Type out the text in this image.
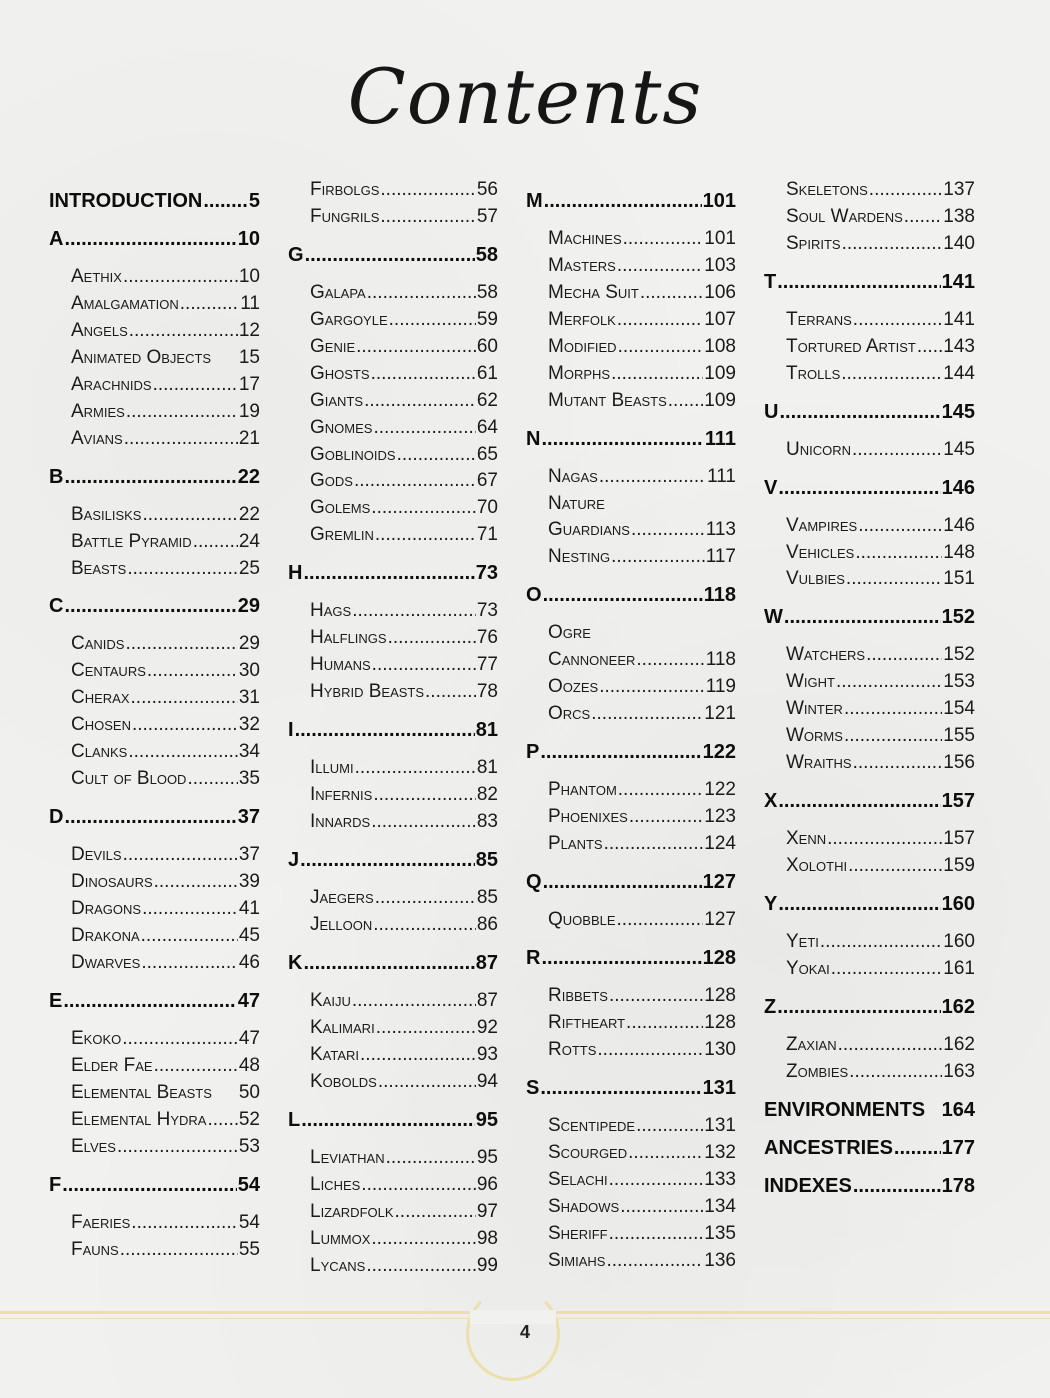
Contents
INTRODUCTION ..... 5
A .....	10
Aethix .....	10
Amalgamation .....	11
Angels .....	12
Animated Objects 15
Arachnids .....	17
Armies .....	19
Avians .....	21
B .....	22
Basilisks .....	22
Battle Pyramid ..... 24
Beasts .....	25
C .....	29
Canids .....	29
Centaurs .....	30
Cherax .....	31
Chosen .....	32
Clanks .....	34
Cult of Blood .....	35
D .....	37
Devils .....	37
Dinosaurs .....	39
Dragons .....	41
Drakona .....	45
Dwarves .....	46
E .....	47
Ekoko .....	47
Elder Fae .....	48
Elemental Beasts 50
Elemental Hydra ..... 52
Elves .....	53
F .....	54
Faeries .....	54
Fauns .....	55
Firbolgs .....	56
Fungrils .....	57
G .....	58
Galapa .....	58
Gargoyle .....	59
Genie .....	60
Ghosts .....	61
Giants .....	62
Gnomes .....	64
Goblinoids .....	65
Gods .....	67
Golems .....	70
Gremlin .....	71
H .....	73
Hags .....	73
Halflings .....	76
Humans .....	77
Hybrid Beasts .....	78
I .....	81
Illumi .....	81
Infernis .....	82
Innards .....	83
J .....	85
Jaegers .....	85
Jelloon .....	86
K .....	87
Kaiju .....	87
Kalimari .....	92
Katari .....	93
Kobolds .....	94
L .....	95
Leviathan .....	95
Liches .....	96
Lizardfolk .....	97
Lummox .....	98
Lycans .....	99
M .....	101
Machines .....	101
Masters .....	103
Mecha Suit .....	106
Merfolk .....	107
Modified .....	108
Morphs .....	109
Mutant Beasts ..... 109
N .....	111
Nagas .....	111
Nature
Guardians .....	113
Nesting .....	117
O .....	118
Ogre
Cannoneer .....	118
Oozes .....	119
Orcs .....	121
P .....	122
Phantom .....	122
Phoenixes .....	123
Plants .....	124
Q .....	127
Quobble .....	127
R .....	128
Ribbets .....	128
Riftheart .....	128
Rotts .....	130
S .....	131
Scentipede .....	131
Scourged .....	132
Selachi .....	133
Shadows .....	134
Sheriff .....	135
Simiahs .....	136
Skeletons .....	137
Soul Wardens ..... 138
Spirits .....	140
T .....	141
Terrans .....	141
Tortured Artist ..... 143
Trolls .....	144
U .....	145
Unicorn .....	145
V .....	146
Vampires .....	146
Vehicles .....	148
Vulbies .....	151
W .....	152
Watchers .....	152
Wight .....	153
Winter .....	154
Worms .....	155
Wraiths .....	156
X .....	157
Xenn .....	157
Xolothi .....	159
Y .....	160
Yeti .....	160
Yokai .....	161
Z .....	162
Zaxian .....	162
Zombies .....	163
ENVIRONMENTS 164
ANCESTRIES ..... 177
INDEXES .....	178
4
